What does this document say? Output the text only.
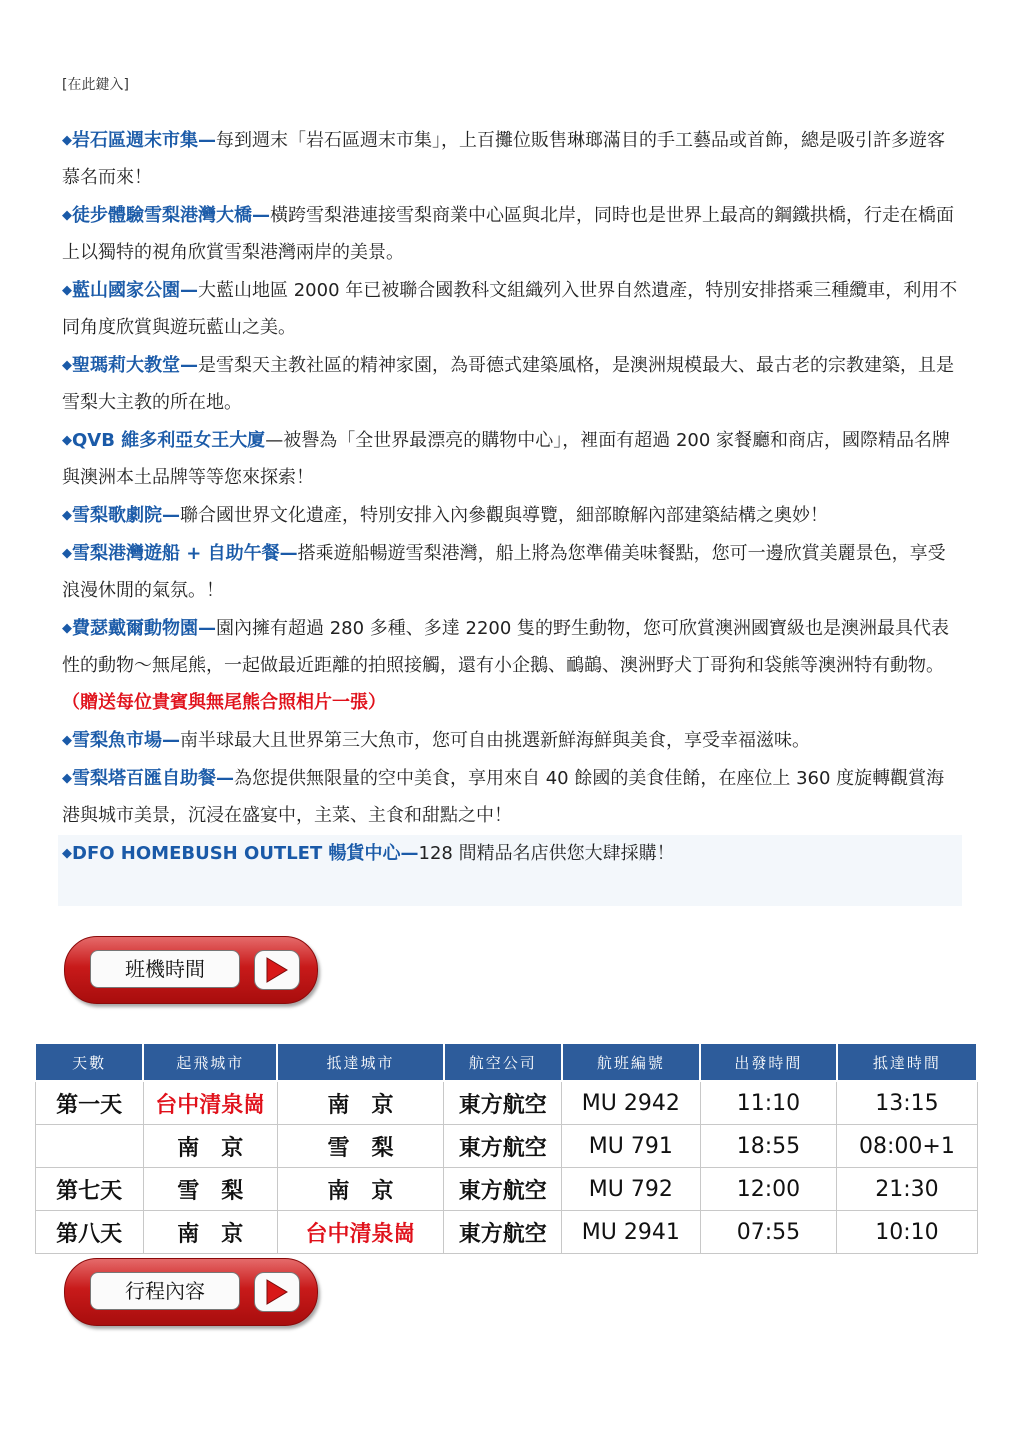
[在此鍵入]
◆岩石區週末市集—每到週末「岩石區週末市集」，上百攤位販售琳瑯滿目的手工藝品或首飾，總是吸引許多遊客慕名而來！
◆徒步體驗雪梨港灣大橋—橫跨雪梨港連接雪梨商業中心區與北岸，同時也是世界上最高的鋼鐵拱橋，行走在橋面上以獨特的視角欣賞雪梨港灣兩岸的美景。
◆藍山國家公園—大藍山地區 2000 年已被聯合國教科文組織列入世界自然遺產，特別安排搭乘三種纜車，利用不同角度欣賞與遊玩藍山之美。
◆聖瑪莉大教堂—是雪梨天主教社區的精神家園，為哥德式建築風格，是澳洲規模最大、最古老的宗教建築，且是雪梨大主教的所在地。
◆QVB 維多利亞女王大廈—被譽為「全世界最漂亮的購物中心」，裡面有超過 200 家餐廳和商店，國際精品名牌與澳洲本土品牌等等您來探索！
◆雪梨歌劇院—聯合國世界文化遺產，特別安排入內參觀與導覽，細部瞭解內部建築結構之奧妙！
◆雪梨港灣遊船 + 自助午餐—搭乘遊船暢遊雪梨港灣，船上將為您準備美味餐點，您可一邊欣賞美麗景色，享受浪漫休閒的氣氛。！
◆費瑟戴爾動物園—園內擁有超過 280 多種、多達 2200 隻的野生動物，您可欣賞澳洲國寶級也是澳洲最具代表性的動物～無尾熊，一起做最近距離的拍照接觸，還有小企鵝、鴯鶓、澳洲野犬丁哥狗和袋熊等澳洲特有動物。（贈送每位貴賓與無尾熊合照相片一張）
◆雪梨魚市場—南半球最大且世界第三大魚市，您可自由挑選新鮮海鮮與美食，享受幸福滋味。
◆雪梨塔百匯自助餐—為您提供無限量的空中美食，享用來自 40 餘國的美食佳餚，在座位上 360 度旋轉觀賞海港與城市美景，沉浸在盛宴中，主菜、主食和甜點之中！
◆DFO HOMEBUSH OUTLET 暢貨中心—128 間精品名店供您大肆採購！
班機時間
天數	起飛城市	抵達城市	航空公司	航班編號	出發時間	抵達時間
第一天	台中清泉崗	南　京	東方航空	MU 2942	11:10	13:15
	南　京	雪　梨	東方航空	MU 791	18:55	08:00+1
第七天	雪　梨	南　京	東方航空	MU 792	12:00	21:30
第八天	南　京	台中清泉崗	東方航空	MU 2941	07:55	10:10
行程內容
